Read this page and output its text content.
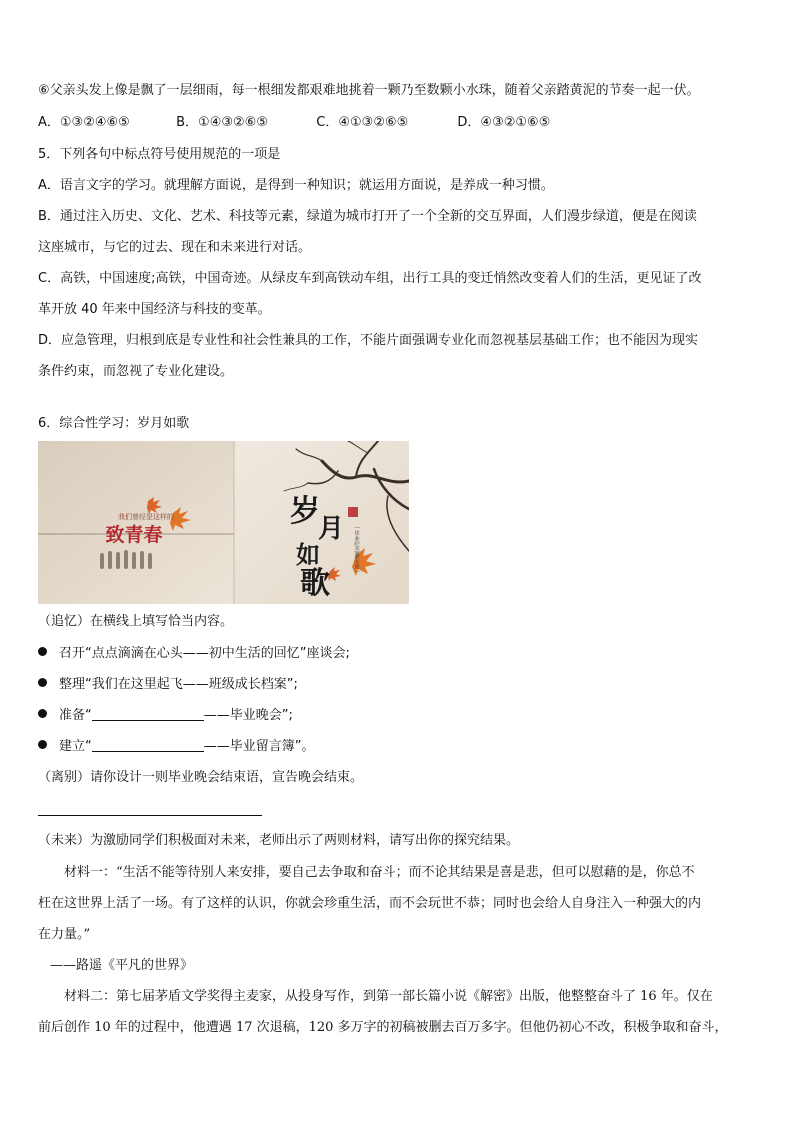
⑥父亲头发上像是飘了一层细雨，每一根细发都艰难地挑着一颗乃至数颗小水珠，随着父亲踏黄泥的节奏一起一伏。
A．①③②④⑥⑤	B．①④③②⑥⑤	C．④①③②⑥⑤	D．④③②①⑥⑤
5．下列各句中标点符号使用规范的一项是
A．语言文字的学习。就理解方面说，是得到一种知识；就运用方面说，是养成一种习惯。
B．通过注入历史、文化、艺术、科技等元素，绿道为城市打开了一个全新的交互界面，人们漫步绿道，便是在阅读
这座城市，与它的过去、现在和未来进行对话。
C．高铁，中国速度;高铁，中国奇迹。从绿皮车到高铁动车组，出行工具的变迁悄然改变着人们的生活，更见证了改
革开放 40 年来中国经济与科技的变革。
D．应急管理，归根到底是专业性和社会性兼具的工作，不能片面强调专业化而忽视基层基础工作；也不能因为现实
条件约束，而忽视了专业化建设。
6．综合性学习：岁月如歌
我们曾经是这样的
致青春
岁
月
如
歌
一毕业纪念册专用一
（追忆）在横线上填写恰当内容。
召开“点点滴滴在心头——初中生活的回忆”座谈会;
整理“我们在这里起飞——班级成长档案”;
准备“	——毕业晚会”;
建立“	——毕业留言簿”。
（离别）请你设计一则毕业晚会结束语，宣告晚会结束。
（未来）为激励同学们积极面对未来，老师出示了两则材料，请写出你的探究结果。
材料一：“生活不能等待别人来安排，要自己去争取和奋斗；而不论其结果是喜是悲，但可以慰藉的是，你总不
枉在这世界上活了一场。有了这样的认识，你就会珍重生活，而不会玩世不恭；同时也会给人自身注入一种强大的内
在力量。”
——路遥《平凡的世界》
材料二：第七届茅盾文学奖得主麦家，从投身写作，到第一部长篇小说《解密》出版，他整整奋斗了 16 年。仅在
前后创作 10 年的过程中，他遭遇 17 次退稿，120 多万字的初稿被删去百万多字。但他仍初心不改，积极争取和奋斗，
